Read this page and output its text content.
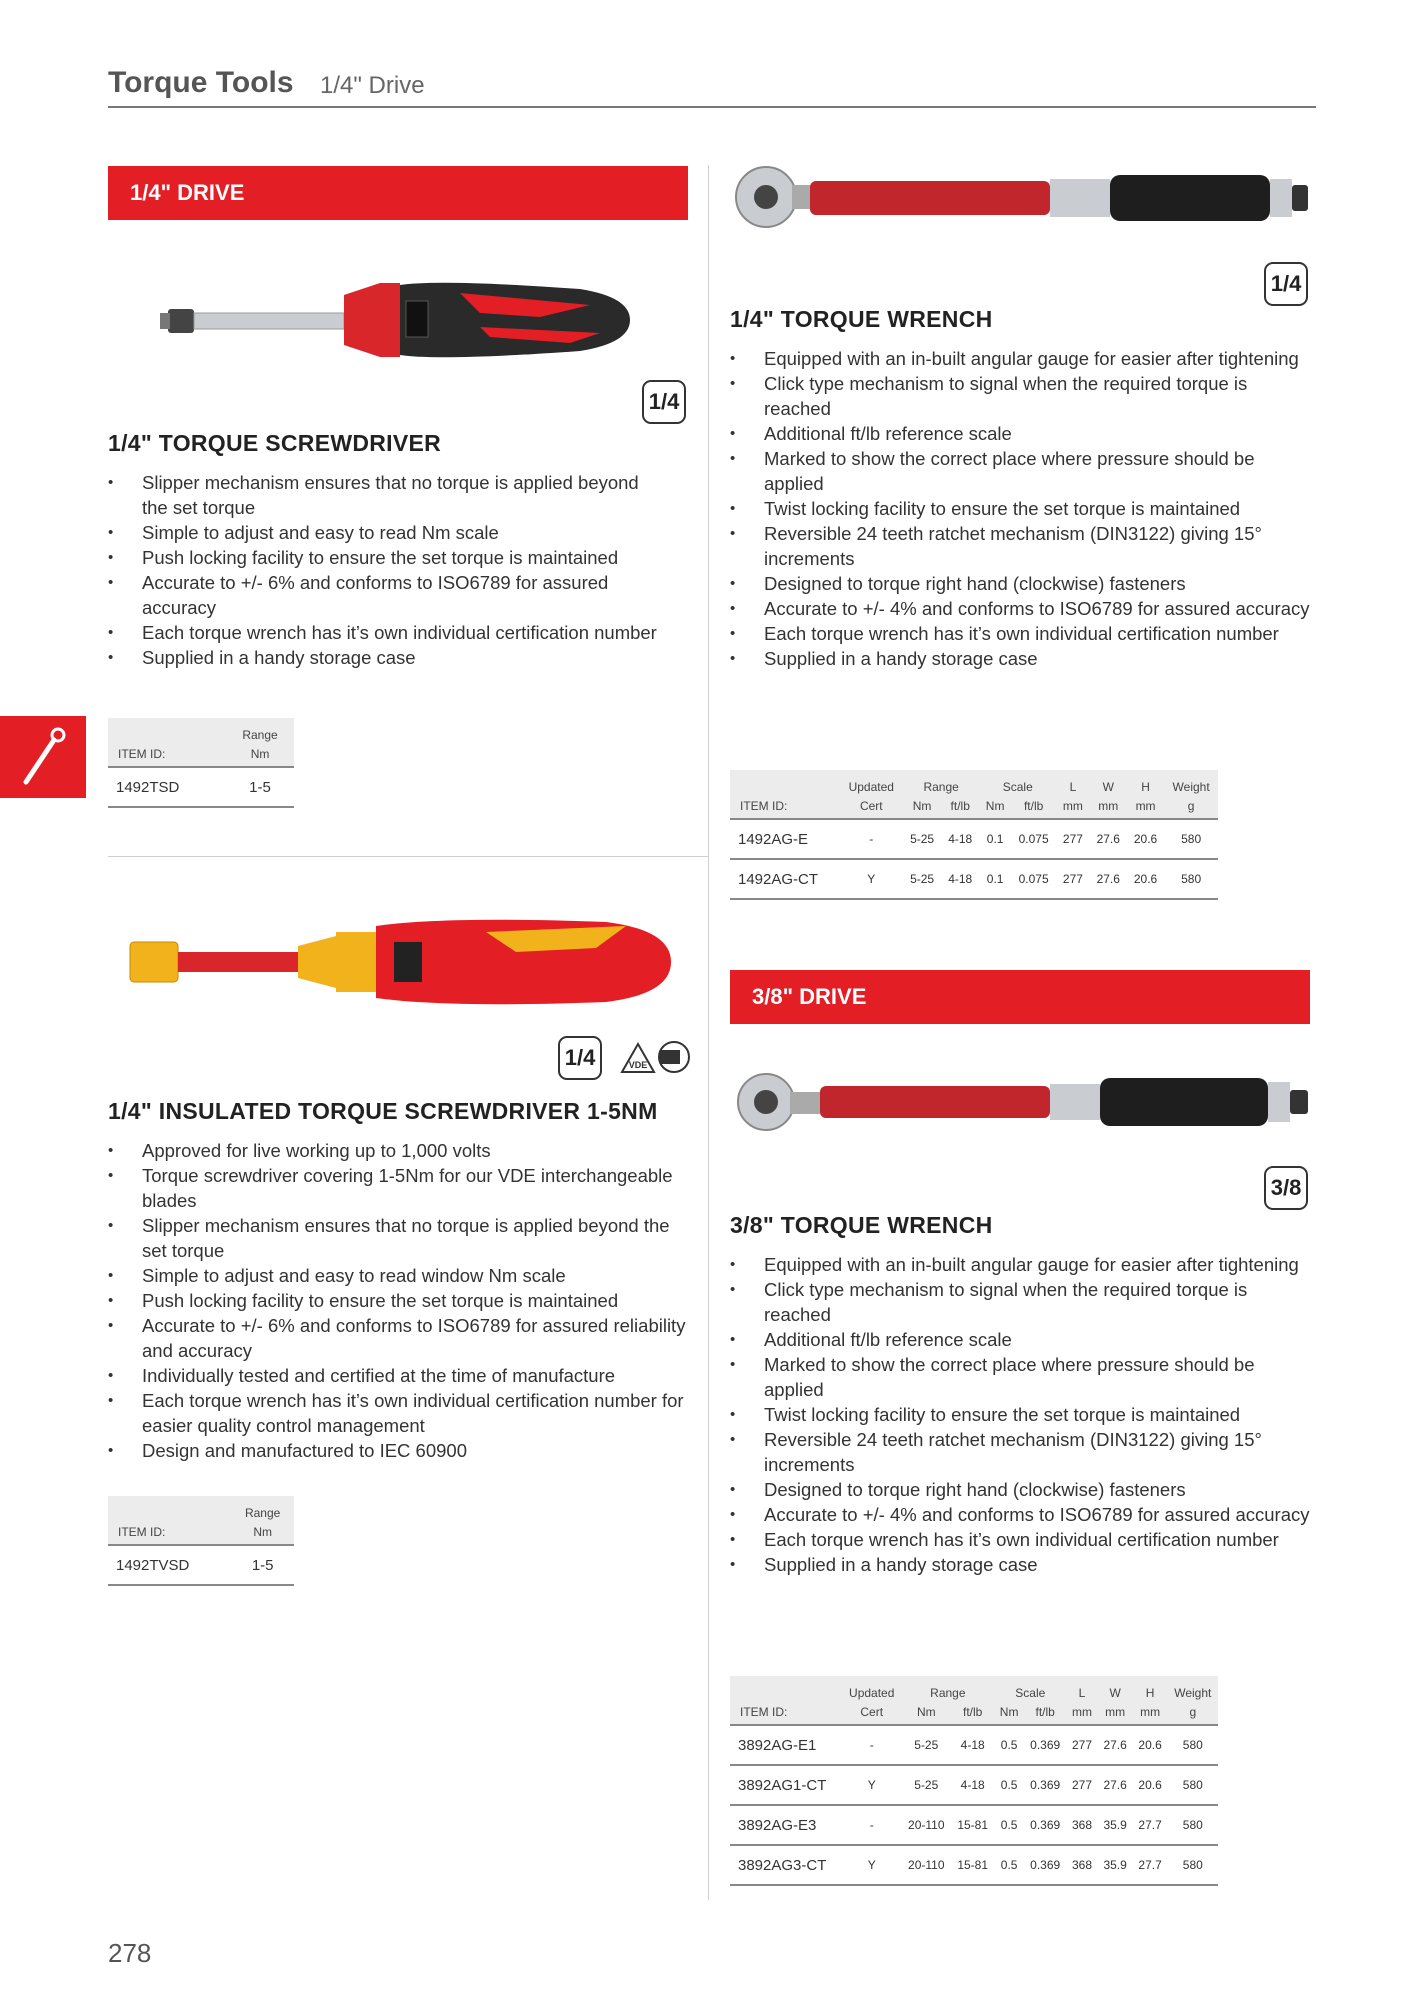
Torque Tools 1/4" Drive
1/4" DRIVE
1/4
1/4" TORQUE SCREWDRIVER
• Slipper mechanism ensures that no torque is applied beyond the set torque
• Simple to adjust and easy to read Nm scale
• Push locking facility to ensure the set torque is maintained
• Accurate to +/- 6% and conforms to ISO6789 for assured accuracy
• Each torque wrench has it’s own individual certification number
• Supplied in a handy storage case
	Range
ITEM ID:	Nm
1492TSD	1-5
1/4	VDE
1/4" INSULATED TORQUE SCREWDRIVER 1-5NM
• Approved for live working up to 1,000 volts
• Torque screwdriver covering 1-5Nm for our VDE interchangeable blades
• Slipper mechanism ensures that no torque is applied beyond the set torque
• Simple to adjust and easy to read window Nm scale
• Push locking facility to ensure the set torque is maintained
• Accurate to +/- 6% and conforms to ISO6789 for assured reliability and accuracy
• Individually tested and certified at the time of manufacture
• Each torque wrench has it’s own individual certification number for easier quality control management
• Design and manufactured to IEC 60900
	Range
ITEM ID:	Nm
1492TVSD	1-5
1/4
1/4" TORQUE WRENCH
• Equipped with an in-built angular gauge for easier after tightening
• Click type mechanism to signal when the required torque is reached
• Additional ft/lb reference scale
• Marked to show the correct place where pressure should be applied
• Twist locking facility to ensure the set torque is maintained
• Reversible 24 teeth ratchet mechanism (DIN3122) giving 15° increments
• Designed to torque right hand (clockwise) fasteners
• Accurate to +/- 4% and conforms to ISO6789 for assured accuracy
• Each torque wrench has it’s own individual certification number
• Supplied in a handy storage case
	Updated	Range		Scale		L	W	H	Weight
ITEM ID:	Cert	Nm	ft/lb	Nm	ft/lb	mm	mm	mm	g
1492AG-E	-	5-25	4-18	0.1	0.075	277	27.6	20.6	580
1492AG-CT	Y	5-25	4-18	0.1	0.075	277	27.6	20.6	580
3/8" DRIVE
3/8
3/8" TORQUE WRENCH
• Equipped with an in-built angular gauge for easier after tightening
• Click type mechanism to signal when the required torque is reached
• Additional ft/lb reference scale
• Marked to show the correct place where pressure should be applied
• Twist locking facility to ensure the set torque is maintained
• Reversible 24 teeth ratchet mechanism (DIN3122) giving 15° increments
• Designed to torque right hand (clockwise) fasteners
• Accurate to +/- 4% and conforms to ISO6789 for assured accuracy
• Each torque wrench has it’s own individual certification number
• Supplied in a handy storage case
	Updated	Range		Scale		L	W	H	Weight
ITEM ID:	Cert	Nm	ft/lb	Nm	ft/lb	mm	mm	mm	g
3892AG-E1	-	5-25	4-18	0.5	0.369	277	27.6	20.6	580
3892AG1-CT	Y	5-25	4-18	0.5	0.369	277	27.6	20.6	580
3892AG-E3	-	20-110	15-81	0.5	0.369	368	35.9	27.7	580
3892AG3-CT	Y	20-110	15-81	0.5	0.369	368	35.9	27.7	580
278
